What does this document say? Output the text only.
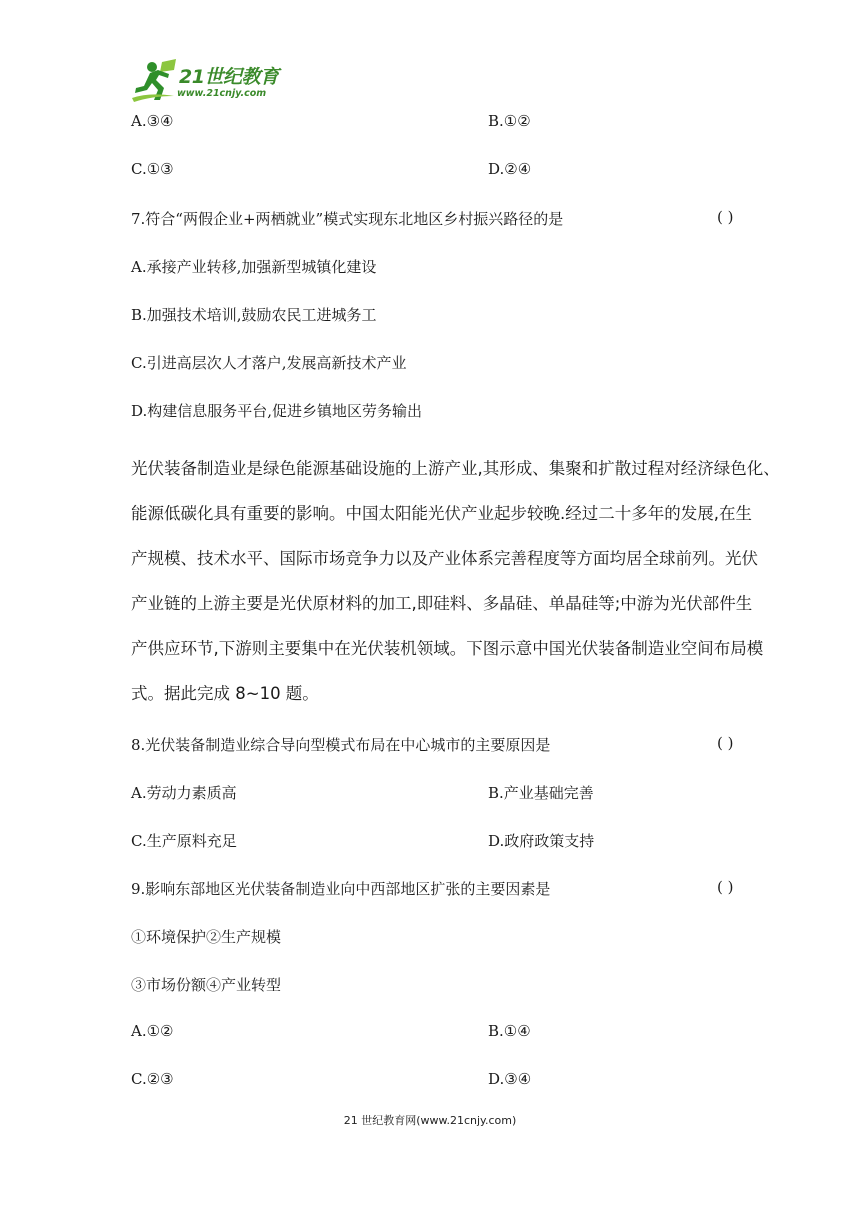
21世纪教育
www.21cnjy.com
A.③④	B.①②
C.①③	D.②④
7.符合“两假企业+两栖就业”模式实现东北地区乡村振兴路径的是	( )
A.承接产业转移,加强新型城镇化建设
B.加强技术培训,鼓励农民工进城务工
C.引进高层次人才落户,发展高新技术产业
D.构建信息服务平台,促进乡镇地区劳务输出
光伏装备制造业是绿色能源基础设施的上游产业,其形成、集聚和扩散过程对经济绿色化、
能源低碳化具有重要的影响。中国太阳能光伏产业起步较晚.经过二十多年的发展,在生
产规模、技术水平、国际市场竞争力以及产业体系完善程度等方面均居全球前列。光伏
产业链的上游主要是光伏原材料的加工,即硅料、多晶硅、单晶硅等;中游为光伏部件生
产供应环节,下游则主要集中在光伏装机领域。下图示意中国光伏装备制造业空间布局模
式。据此完成 8~10 题。
8.光伏装备制造业综合导向型模式布局在中心城市的主要原因是	( )
A.劳动力素质高	B.产业基础完善
C.生产原料充足	D.政府政策支持
9.影响东部地区光伏装备制造业向中西部地区扩张的主要因素是	( )
①环境保护②生产规模
③市场份额④产业转型
A.①②	B.①④
C.②③	D.③④
21 世纪教育网(www.21cnjy.com)
